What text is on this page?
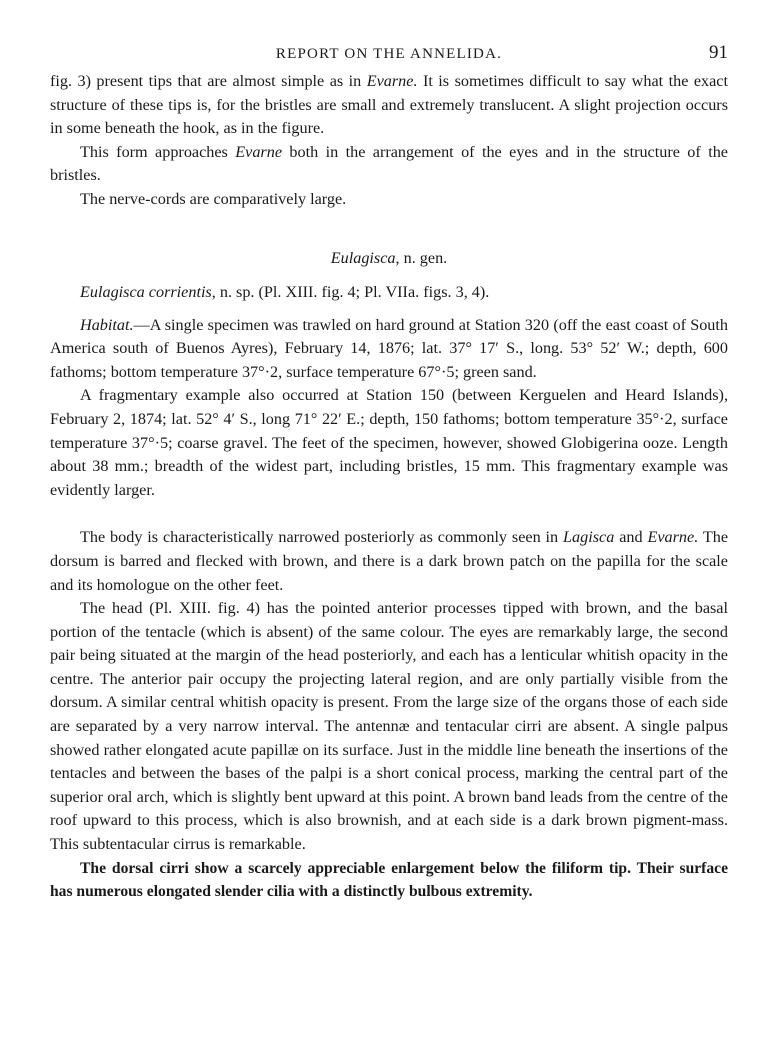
REPORT ON THE ANNELIDA.	91

fig. 3) present tips that are almost simple as in Evarne. It is sometimes difficult to say what the exact structure of these tips is, for the bristles are small and extremely translucent. A slight projection occurs in some beneath the hook, as in the figure.

This form approaches Evarne both in the arrangement of the eyes and in the structure of the bristles.

The nerve-cords are comparatively large.

Eulagisca, n. gen.
Eulagisca corrientis, n. sp. (Pl. XIII. fig. 4; Pl. VIIa. figs. 3, 4).

Habitat.—A single specimen was trawled on hard ground at Station 320 (off the east coast of South America south of Buenos Ayres), February 14, 1876; lat. 37° 17′ S., long. 53° 52′ W.; depth, 600 fathoms; bottom temperature 37°·2, surface temperature 67°·5; green sand.

A fragmentary example also occurred at Station 150 (between Kerguelen and Heard Islands), February 2, 1874; lat. 52° 4′ S., long 71° 22′ E.; depth, 150 fathoms; bottom temperature 35°·2, surface temperature 37°·5; coarse gravel. The feet of the specimen, however, showed Globigerina ooze. Length about 38 mm.; breadth of the widest part, including bristles, 15 mm. This fragmentary example was evidently larger.

The body is characteristically narrowed posteriorly as commonly seen in Lagisca and Evarne. The dorsum is barred and flecked with brown, and there is a dark brown patch on the papilla for the scale and its homologue on the other feet.

The head (Pl. XIII. fig. 4) has the pointed anterior processes tipped with brown, and the basal portion of the tentacle (which is absent) of the same colour. The eyes are remarkably large, the second pair being situated at the margin of the head posteriorly, and each has a lenticular whitish opacity in the centre. The anterior pair occupy the projecting lateral region, and are only partially visible from the dorsum. A similar central whitish opacity is present. From the large size of the organs those of each side are separated by a very narrow interval. The antennæ and tentacular cirri are absent. A single palpus showed rather elongated acute papillæ on its surface. Just in the middle line beneath the insertions of the tentacles and between the bases of the palpi is a short conical process, marking the central part of the superior oral arch, which is slightly bent upward at this point. A brown band leads from the centre of the roof upward to this process, which is also brownish, and at each side is a dark brown pigment-mass. This subtentacular cirrus is remarkable.

The dorsal cirri show a scarcely appreciable enlargement below the filiform tip. Their surface has numerous elongated slender cilia with a distinctly bulbous extremity.
